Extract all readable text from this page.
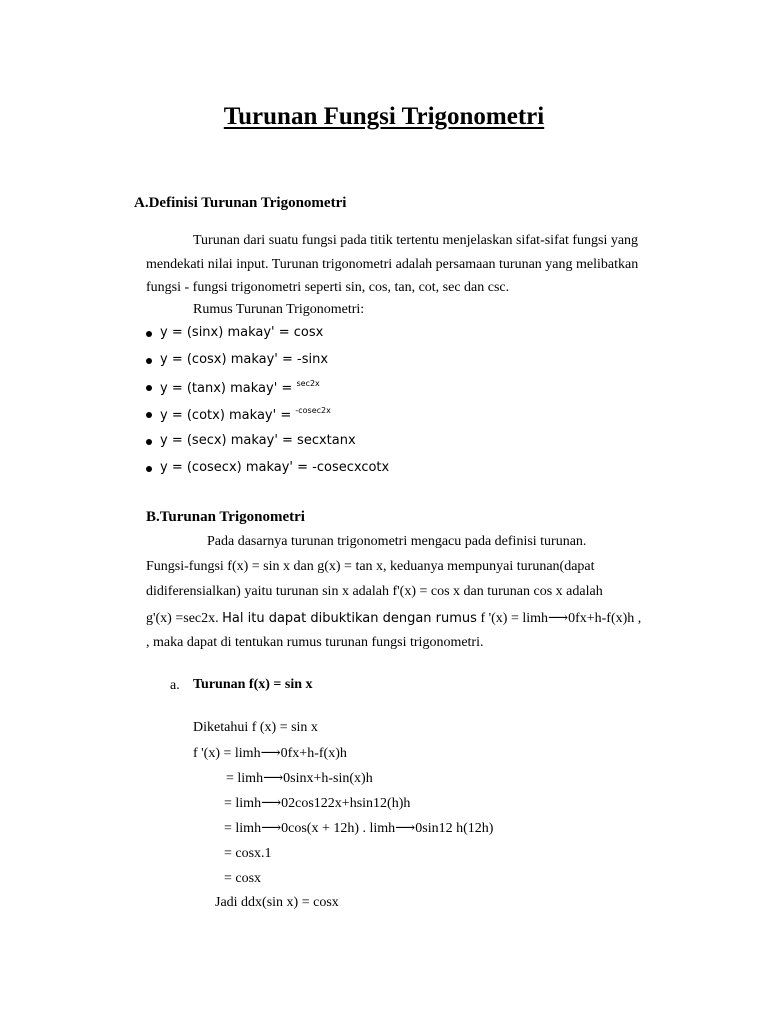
Turunan Fungsi Trigonometri
A.Definisi Turunan Trigonometri
Turunan dari suatu fungsi pada titik tertentu menjelaskan sifat-sifat fungsi yang
mendekati nilai input. Turunan trigonometri adalah persamaan turunan yang melibatkan
fungsi - fungsi trigonometri seperti sin, cos, tan, cot, sec dan csc.
Rumus Turunan Trigonometri:
y = (sinx) makay' = cosx
y = (cosx) makay' = -sinx
y = (tanx) makay' = $^{sec2x}$
y = (cotx) makay' = $^{-cosec2x}$
y = (secx) makay' = secxtanx
y = (cosecx) makay' = -cosecxcotx
B.Turunan Trigonometri
Pada dasarnya turunan trigonometri mengacu pada definisi turunan.
Fungsi-fungsi f(x) = sin x dan g(x) = tan x, keduanya mempunyai turunan(dapat
didiferensialkan) yaitu turunan sin x adalah f'(x) = cos x dan turunan cos x adalah
g'(x) =sec2x. Hal itu dapat dibuktikan dengan rumus f '(x) = limh⟶0fx+h-f(x)h ,
, maka dapat di tentukan rumus turunan fungsi trigonometri.
a. Turunan f(x) = sin x
Diketahui f (x) = sin x
f '(x) = limh⟶0fx+h-f(x)h
= limh⟶0sinx+h-sin(x)h
= limh⟶02cos122x+hsin12(h)h
= limh⟶0cos(x + 12h) . limh⟶0sin12 h(12h)
= cosx.1
= cosx
Jadi ddx(sin x) = cosx
